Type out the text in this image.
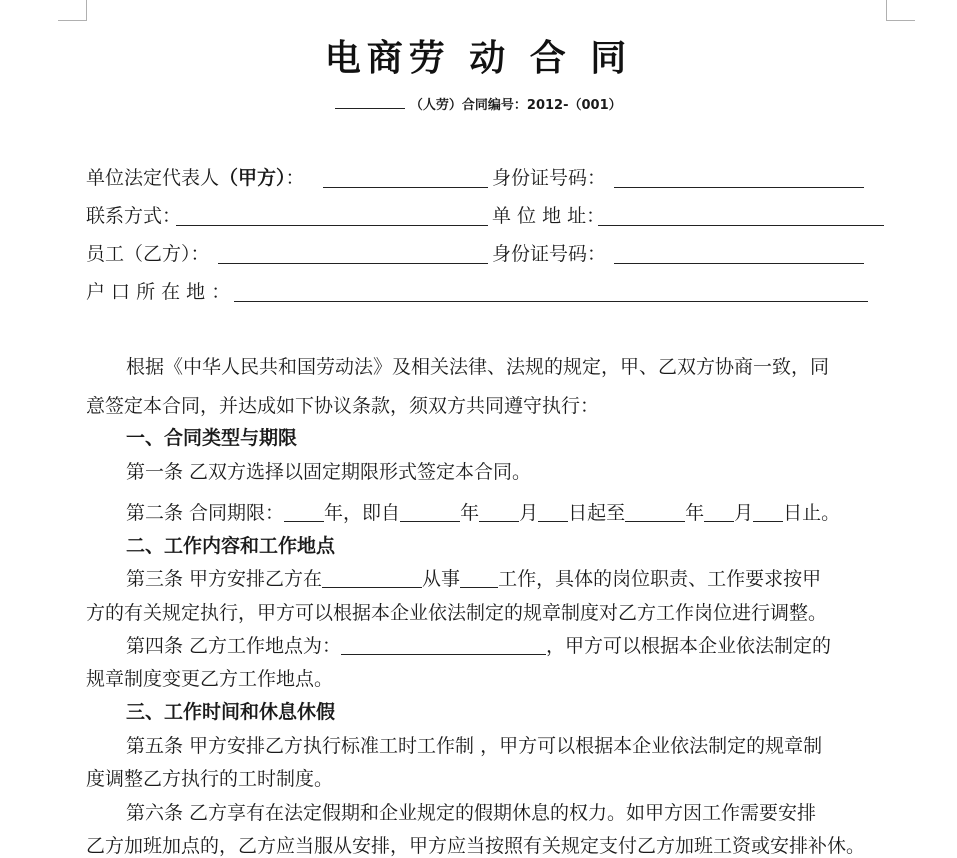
电商劳 动 合 同
（人劳）合同编号：2012-（001）
单位法定代表人（甲方）：	身份证号码：
联系方式：	单 位 地 址：
员工（乙方）：	身份证号码：
户 口 所 在 地 ：
根据《中华人民共和国劳动法》及相关法律、法规的规定，甲、乙双方协商一致，同
意签定本合同，并达成如下协议条款，须双方共同遵守执行：
一、合同类型与期限
第一条 乙双方选择以固定期限形式签定本合同。
第二条 合同期限： 年，即自	年 月 日起至	年 月 日止。
二、工作内容和工作地点
第三条 甲方安排乙方在	从事 工作，具体的岗位职责、工作要求按甲
方的有关规定执行，甲方可以根据本企业依法制定的规章制度对乙方工作岗位进行调整。
第四条 乙方工作地点为：	，甲方可以根据本企业依法制定的
规章制度变更乙方工作地点。
三、工作时间和休息休假
第五条 甲方安排乙方执行标准工时工作制 ，甲方可以根据本企业依法制定的规章制
度调整乙方执行的工时制度。
第六条 乙方享有在法定假期和企业规定的假期休息的权力。如甲方因工作需要安排
乙方加班加点的，乙方应当服从安排，甲方应当按照有关规定支付乙方加班工资或安排补休。
